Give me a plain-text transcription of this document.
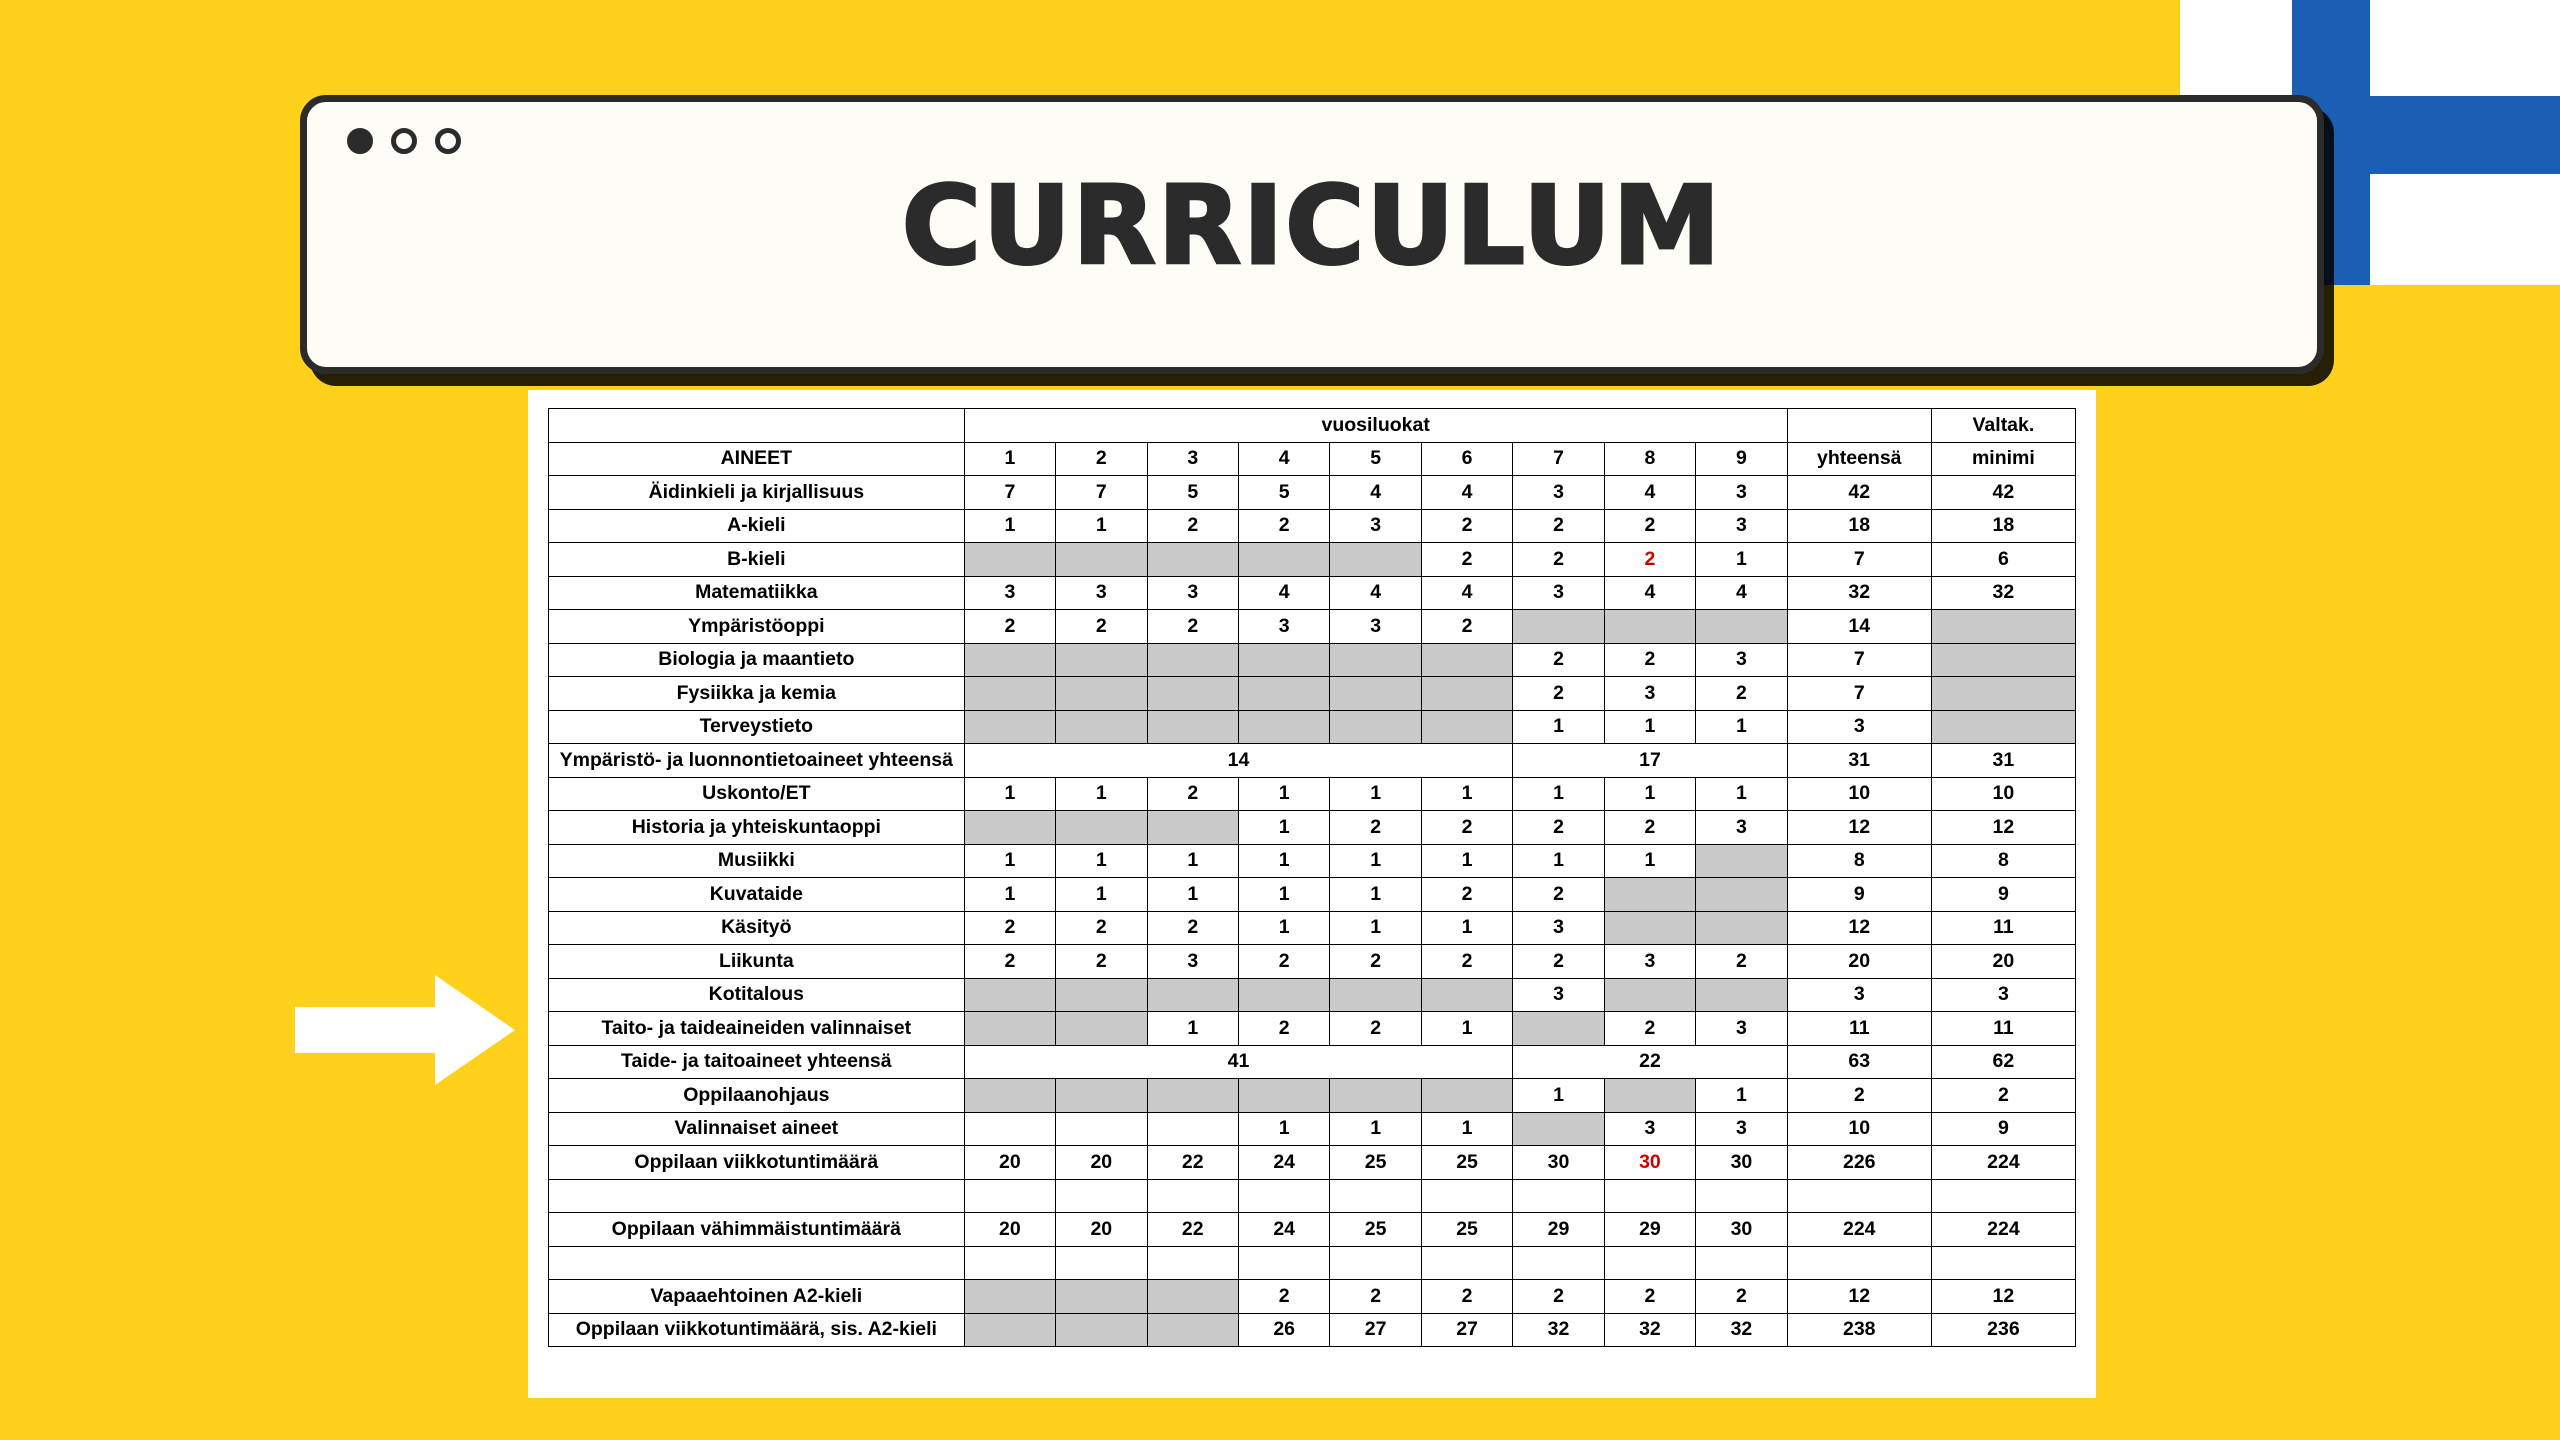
CURRICULUM
	vuosiluokat										Valtak.
AINEET	1	2	3	4	5	6	7	8	9	yhteensä	minimi
Äidinkieli ja kirjallisuus	7	7	5	5	4	4	3	4	3	42	42
A-kieli	1	1	2	2	3	2	2	2	3	18	18
B-kieli						2	2	2	1	7	6
Matematiikka	3	3	3	4	4	4	3	4	4	32	32
Ympäristöoppi	2	2	2	3	3	2				14	
Biologia ja maantieto							2	2	3	7	
Fysiikka ja kemia							2	3	2	7	
Terveystieto							1	1	1	3	
Ympäristö- ja luonnontietoaineet yhteensä	14						17			31	31
Uskonto/ET	1	1	2	1	1	1	1	1	1	10	10
Historia ja yhteiskuntaoppi				1	2	2	2	2	3	12	12
Musiikki	1	1	1	1	1	1	1	1		8	8
Kuvataide	1	1	1	1	1	2	2			9	9
Käsityö	2	2	2	1	1	1	3			12	11
Liikunta	2	2	3	2	2	2	2	3	2	20	20
Kotitalous							3			3	3
Taito- ja taideaineiden valinnaiset			1	2	2	1		2	3	11	11
Taide- ja taitoaineet yhteensä	41						22			63	62
Oppilaanohjaus							1		1	2	2
Valinnaiset aineet				1	1	1		3	3	10	9
Oppilaan viikkotuntimäärä	20	20	22	24	25	25	30	30	30	226	224

Oppilaan vähimmäistuntimäärä	20	20	22	24	25	25	29	29	30	224	224

Vapaaehtoinen A2-kieli				2	2	2	2	2	2	12	12
Oppilaan viikkotuntimäärä, sis. A2-kieli				26	27	27	32	32	32	238	236
